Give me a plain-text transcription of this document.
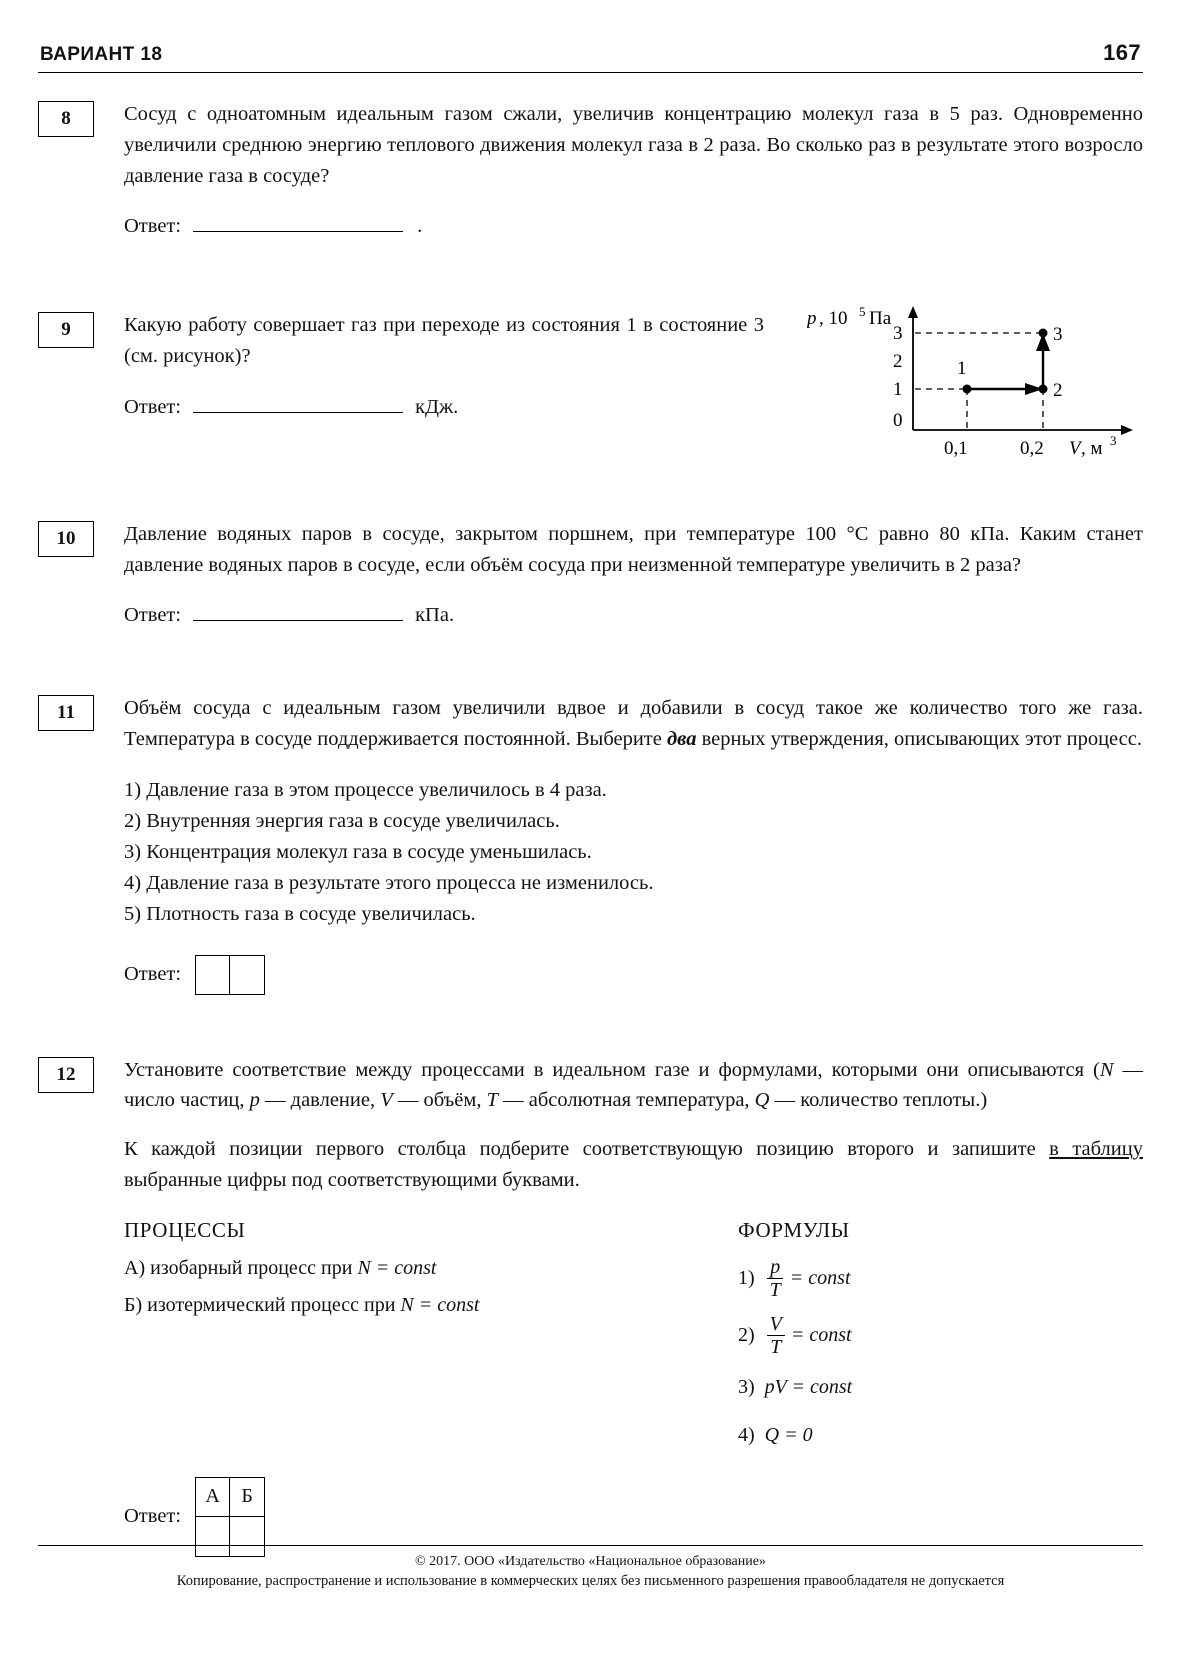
ВАРИАНТ 18	167
8	Сосуд с одноатомным идеальным газом сжали, увеличив концентрацию молекул газа в 5 раз. Одновременно увеличили среднюю энергию теплового движения молекул газа в 2 раза. Во сколько раз в результате этого возросло давление газа в сосуде?
Ответ:	.
9	Какую работу совершает газ при переходе из состояния 1 в состояние 3 (см. рисунок)?
Ответ:	кДж.
p , 10 5 Па
3
2
1
0
1
2
3
0,1	0,2 V , м 3
10	Давление водяных паров в сосуде, закрытом поршнем, при температуре 100 °C равно 80 кПа. Каким станет давление водяных паров в сосуде, если объём сосуда при неизменной температуре увеличить в 2 раза?
Ответ:	кПа.
11	Объём сосуда с идеальным газом увеличили вдвое и добавили в сосуд такое же количество того же газа. Температура в сосуде поддерживается постоянной. Выберите два верных утверждения, описывающих этот процесс.
1) Давление газа в этом процессе увеличилось в 4 раза.
2) Внутренняя энергия газа в сосуде увеличилась.
3) Концентрация молекул газа в сосуде уменьшилась.
4) Давление газа в результате этого процесса не изменилось.
5) Плотность газа в сосуде увеличилась.
Ответ:
12	Установите соответствие между процессами в идеальном газе и формулами, которыми они описываются (N — число частиц, p — давление, V — объём, T — абсолютная температура, Q — количество теплоты.)
К каждой позиции первого столбца подберите соответствующую позицию второго и запишите в таблицу выбранные цифры под соответствующими буквами.
ПРОЦЕССЫ
А) изобарный процесс при N = const
Б) изотермический процесс при N = const
ФОРМУЛЫ
$1) \frac{p}{T}$ = const
$2) \frac{V}{T}$ = const
3) pV = const
4) Q = 0
Ответ:
А	Б
© 2017. ООО «Издательство «Национальное образование»
Копирование, распространение и использование в коммерческих целях без письменного разрешения правообладателя не допускается
